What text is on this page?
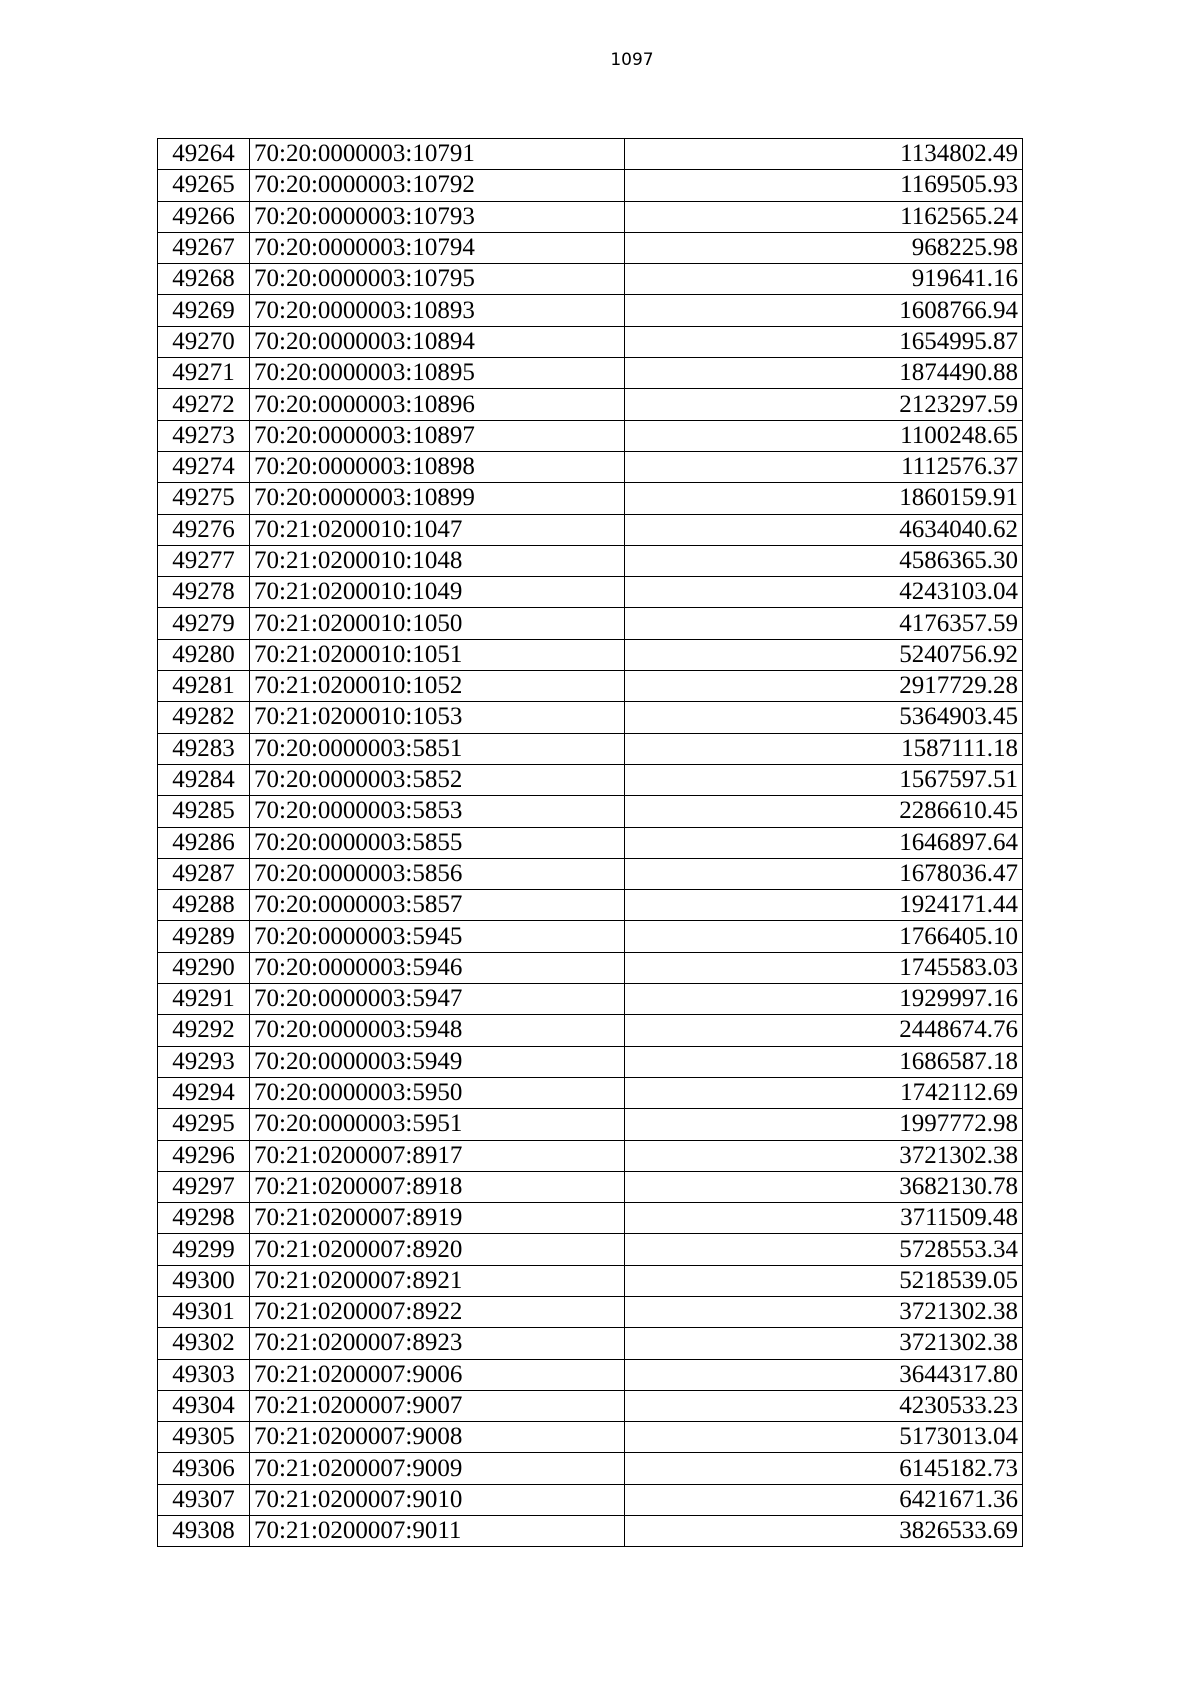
1097
49264	70:20:0000003:10791	1134802.49
49265	70:20:0000003:10792	1169505.93
49266	70:20:0000003:10793	1162565.24
49267	70:20:0000003:10794	968225.98
49268	70:20:0000003:10795	919641.16
49269	70:20:0000003:10893	1608766.94
49270	70:20:0000003:10894	1654995.87
49271	70:20:0000003:10895	1874490.88
49272	70:20:0000003:10896	2123297.59
49273	70:20:0000003:10897	1100248.65
49274	70:20:0000003:10898	1112576.37
49275	70:20:0000003:10899	1860159.91
49276	70:21:0200010:1047	4634040.62
49277	70:21:0200010:1048	4586365.30
49278	70:21:0200010:1049	4243103.04
49279	70:21:0200010:1050	4176357.59
49280	70:21:0200010:1051	5240756.92
49281	70:21:0200010:1052	2917729.28
49282	70:21:0200010:1053	5364903.45
49283	70:20:0000003:5851	1587111.18
49284	70:20:0000003:5852	1567597.51
49285	70:20:0000003:5853	2286610.45
49286	70:20:0000003:5855	1646897.64
49287	70:20:0000003:5856	1678036.47
49288	70:20:0000003:5857	1924171.44
49289	70:20:0000003:5945	1766405.10
49290	70:20:0000003:5946	1745583.03
49291	70:20:0000003:5947	1929997.16
49292	70:20:0000003:5948	2448674.76
49293	70:20:0000003:5949	1686587.18
49294	70:20:0000003:5950	1742112.69
49295	70:20:0000003:5951	1997772.98
49296	70:21:0200007:8917	3721302.38
49297	70:21:0200007:8918	3682130.78
49298	70:21:0200007:8919	3711509.48
49299	70:21:0200007:8920	5728553.34
49300	70:21:0200007:8921	5218539.05
49301	70:21:0200007:8922	3721302.38
49302	70:21:0200007:8923	3721302.38
49303	70:21:0200007:9006	3644317.80
49304	70:21:0200007:9007	4230533.23
49305	70:21:0200007:9008	5173013.04
49306	70:21:0200007:9009	6145182.73
49307	70:21:0200007:9010	6421671.36
49308	70:21:0200007:9011	3826533.69
